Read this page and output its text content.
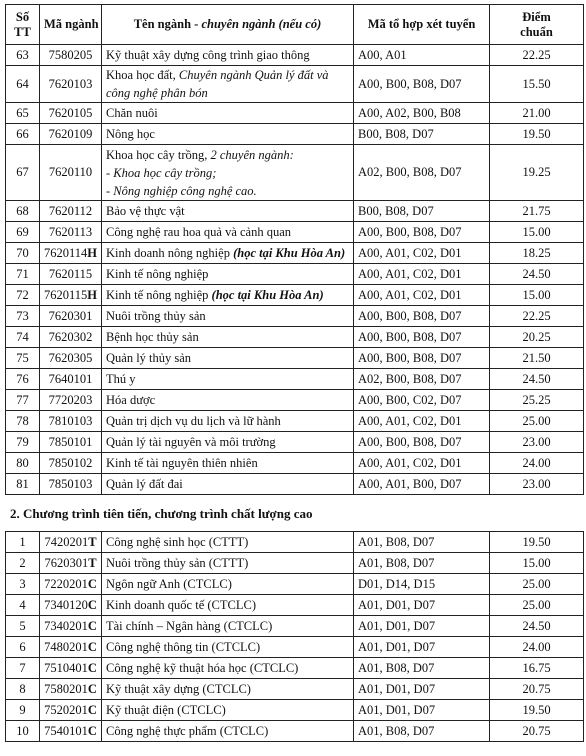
Số
TT	Mã ngành	Tên ngành - chuyên ngành (nếu có)	Mã tổ hợp xét tuyển	Điểm
chuẩn
63	7580205	Kỹ thuật xây dựng công trình giao thông	A00, A01	22.25
64	7620103	Khoa học đất, Chuyên ngành Quản lý đất và công nghệ phân bón	A00, B00, B08, D07	15.50
65	7620105	Chăn nuôi	A00, A02, B00, B08	21.00
66	7620109	Nông học	B00, B08, D07	19.50
67	7620110	Khoa học cây trồng, 2 chuyên ngành:
- Khoa học cây trồng;
- Nông nghiệp công nghệ cao.	A02, B00, B08, D07	19.25
68	7620112	Bảo vệ thực vật	B00, B08, D07	21.75
69	7620113	Công nghệ rau hoa quả và cảnh quan	A00, B00, B08, D07	15.00
70	7620114H	Kinh doanh nông nghiệp (học tại Khu Hòa An)	A00, A01, C02, D01	18.25
71	7620115	Kinh tế nông nghiệp	A00, A01, C02, D01	24.50
72	7620115H	Kinh tế nông nghiệp (học tại Khu Hòa An)	A00, A01, C02, D01	15.00
73	7620301	Nuôi trồng thủy sản	A00, B00, B08, D07	22.25
74	7620302	Bệnh học thủy sản	A00, B00, B08, D07	20.25
75	7620305	Quản lý thủy sản	A00, B00, B08, D07	21.50
76	7640101	Thú y	A02, B00, B08, D07	24.50
77	7720203	Hóa dược	A00, B00, C02, D07	25.25
78	7810103	Quản trị dịch vụ du lịch và lữ hành	A00, A01, C02, D01	25.00
79	7850101	Quản lý tài nguyên và môi trường	A00, B00, B08, D07	23.00
80	7850102	Kinh tế tài nguyên thiên nhiên	A00, A01, C02, D01	24.00
81	7850103	Quản lý đất đai	A00, A01, B00, D07	23.00
2. Chương trình tiên tiến, chương trình chất lượng cao
1	7420201T	Công nghệ sinh học (CTTT)	A01, B08, D07	19.50
2	7620301T	Nuôi trồng thủy sản (CTTT)	A01, B08, D07	15.00
3	7220201C	Ngôn ngữ Anh (CTCLC)	D01, D14, D15	25.00
4	7340120C	Kinh doanh quốc tế (CTCLC)	A01, D01, D07	25.00
5	7340201C	Tài chính – Ngân hàng (CTCLC)	A01, D01, D07	24.50
6	7480201C	Công nghệ thông tin (CTCLC)	A01, D01, D07	24.00
7	7510401C	Công nghệ kỹ thuật hóa học (CTCLC)	A01, B08, D07	16.75
8	7580201C	Kỹ thuật xây dựng (CTCLC)	A01, D01, D07	20.75
9	7520201C	Kỹ thuật điện (CTCLC)	A01, D01, D07	19.50
10	7540101C	Công nghệ thực phẩm (CTCLC)	A01, B08, D07	20.75
